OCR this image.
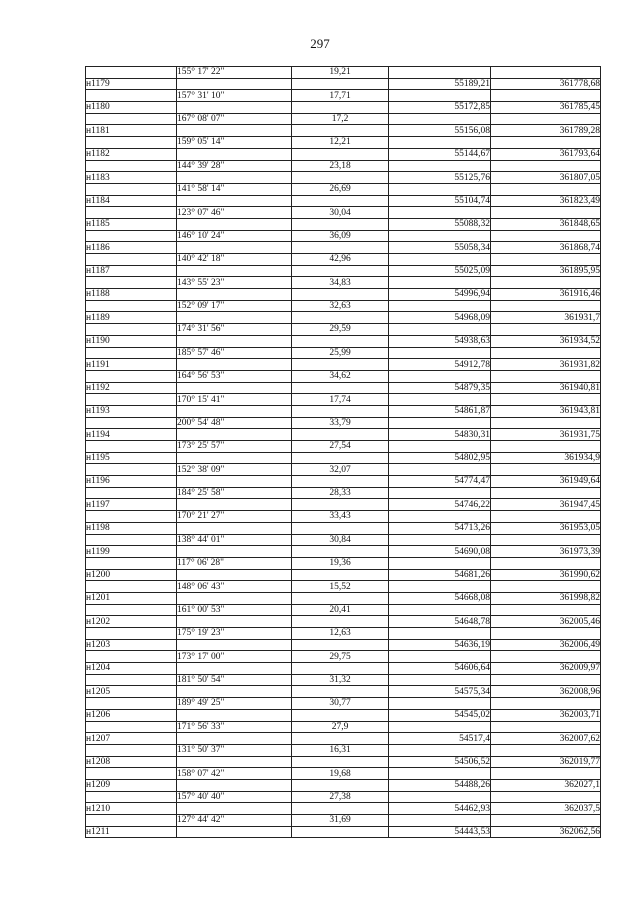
297
	155° 17' 22"	19,21		
н1179			55189,21	361778,68
	157° 31' 10"	17,71		
н1180			55172,85	361785,45
	167° 08' 07"	17,2		
н1181			55156,08	361789,28
	159° 05' 14"	12,21		
н1182			55144,67	361793,64
	144° 39' 28"	23,18		
н1183			55125,76	361807,05
	141° 58' 14"	26,69		
н1184			55104,74	361823,49
	123° 07' 46"	30,04		
н1185			55088,32	361848,65
	146° 10' 24"	36,09		
н1186			55058,34	361868,74
	140° 42' 18"	42,96		
н1187			55025,09	361895,95
	143° 55' 23"	34,83		
н1188			54996,94	361916,46
	152° 09' 17"	32,63		
н1189			54968,09	361931,7
	174° 31' 56"	29,59		
н1190			54938,63	361934,52
	185° 57' 46"	25,99		
н1191			54912,78	361931,82
	164° 56' 53"	34,62		
н1192			54879,35	361940,81
	170° 15' 41"	17,74		
н1193			54861,87	361943,81
	200° 54' 48"	33,79		
н1194			54830,31	361931,75
	173° 25' 57"	27,54		
н1195			54802,95	361934,9
	152° 38' 09"	32,07		
н1196			54774,47	361949,64
	184° 25' 58"	28,33		
н1197			54746,22	361947,45
	170° 21' 27"	33,43		
н1198			54713,26	361953,05
	138° 44' 01"	30,84		
н1199			54690,08	361973,39
	117° 06' 28"	19,36		
н1200			54681,26	361990,62
	148° 06' 43"	15,52		
н1201			54668,08	361998,82
	161° 00' 53"	20,41		
н1202			54648,78	362005,46
	175° 19' 23"	12,63		
н1203			54636,19	362006,49
	173° 17' 00"	29,75		
н1204			54606,64	362009,97
	181° 50' 54"	31,32		
н1205			54575,34	362008,96
	189° 49' 25"	30,77		
н1206			54545,02	362003,71
	171° 56' 33"	27,9		
н1207			54517,4	362007,62
	131° 50' 37"	16,31		
н1208			54506,52	362019,77
	158° 07' 42"	19,68		
н1209			54488,26	362027,1
	157° 40' 40"	27,38		
н1210			54462,93	362037,5
	127° 44' 42"	31,69		
н1211			54443,53	362062,56
